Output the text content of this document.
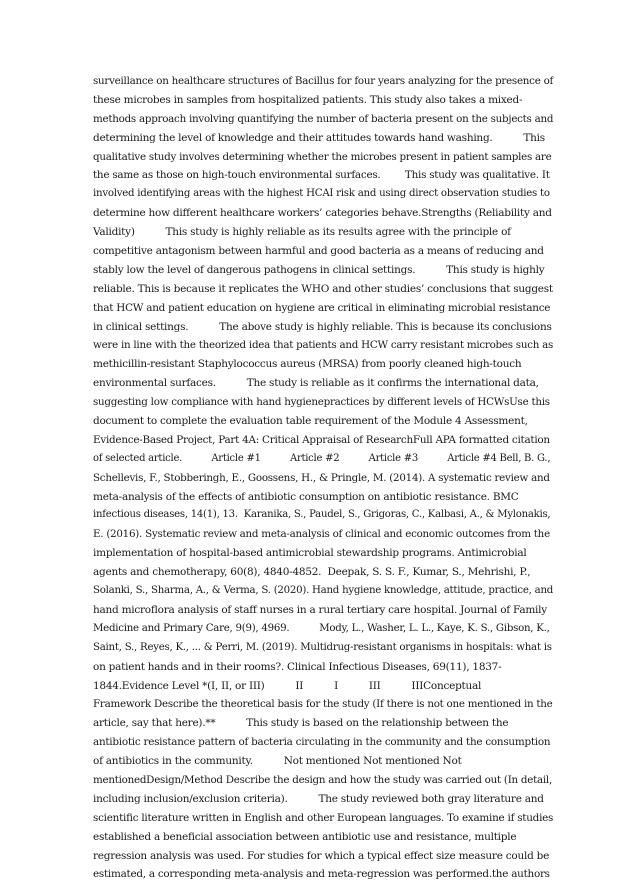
surveillance on healthcare structures of Bacillus for four years analyzing for the presence of
these microbes in samples from hospitalized patients. This study also takes a mixed-
methods approach involving quantifying the number of bacteria present on the subjects and
determining the level of knowledge and their attitudes towards hand washing.          This
qualitative study involves determining whether the microbes present in patient samples are
the same as those on high-touch environmental surfaces.        This study was qualitative. It
involved identifying areas with the highest HCAI risk and using direct observation studies to
determine how different healthcare workers’ categories behave.Strengths (Reliability and
Validity)          This study is highly reliable as its results agree with the principle of
competitive antagonism between harmful and good bacteria as a means of reducing and
stably low the level of dangerous pathogens in clinical settings.          This study is highly
reliable. This is because it replicates the WHO and other studies’ conclusions that suggest
that HCW and patient education on hygiene are critical in eliminating microbial resistance
in clinical settings.          The above study is highly reliable. This is because its conclusions
were in line with the theorized idea that patients and HCW carry resistant microbes such as
methicillin-resistant Staphylococcus aureus (MRSA) from poorly cleaned high-touch
environmental surfaces.          The study is reliable as it confirms the international data,
suggesting low compliance with hand hygienepractices by different levels of HCWsUse this
document to complete the evaluation table requirement of the Module 4 Assessment,
Evidence-Based Project, Part 4A: Critical Appraisal of ResearchFull APA formatted citation
of selected article.          Article #1          Article #2          Article #3          Article #4 Bell, B. G.,
Schellevis, F., Stobberingh, E., Goossens, H., & Pringle, M. (2014). A systematic review and
meta-analysis of the effects of antibiotic consumption on antibiotic resistance. BMC
infectious diseases, 14(1), 13.  Karanika, S., Paudel, S., Grigoras, C., Kalbasi, A., & Mylonakis,
E. (2016). Systematic review and meta-analysis of clinical and economic outcomes from the
implementation of hospital-based antimicrobial stewardship programs. Antimicrobial
agents and chemotherapy, 60(8), 4840-4852.  Deepak, S. S. F., Kumar, S., Mehrishi, P.,
Solanki, S., Sharma, A., & Verma, S. (2020). Hand hygiene knowledge, attitude, practice, and
hand microflora analysis of staff nurses in a rural tertiary care hospital. Journal of Family
Medicine and Primary Care, 9(9), 4969.          Mody, L., Washer, L. L., Kaye, K. S., Gibson, K.,
Saint, S., Reyes, K., ... & Perri, M. (2019). Multidrug-resistant organisms in hospitals: what is
on patient hands and in their rooms?. Clinical Infectious Diseases, 69(11), 1837-
1844.Evidence Level *(I, II, or III)          II          I          III          IIIConceptual
Framework Describe the theoretical basis for the study (If there is not one mentioned in the
article, say that here).**          This study is based on the relationship between the
antibiotic resistance pattern of bacteria circulating in the community and the consumption
of antibiotics in the community.          Not mentioned Not mentioned Not
mentionedDesign/Method Describe the design and how the study was carried out (In detail,
including inclusion/exclusion criteria).          The study reviewed both gray literature and
scientific literature written in English and other European languages. To examine if studies
established a beneficial association between antibiotic use and resistance, multiple
regression analysis was used. For studies for which a typical effect size measure could be
estimated, a corresponding meta-analysis and meta-regression was performed.the authors
